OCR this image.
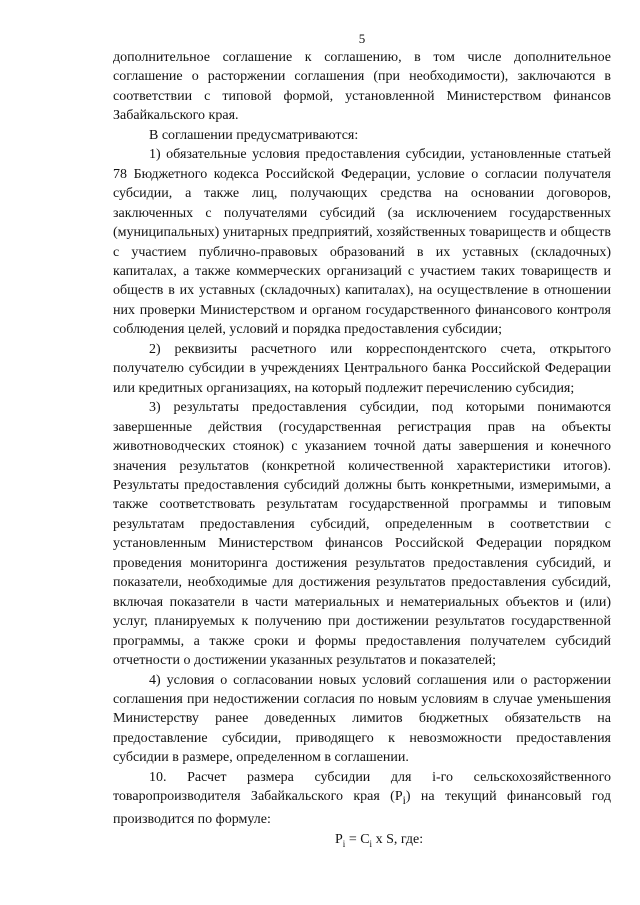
5

дополнительное соглашение к соглашению, в том числе дополнительное соглашение о расторжении соглашения (при необходимости), заключаются в соответствии с типовой формой, установленной Министерством финансов Забайкальского края.

В соглашении предусматриваются:

1) обязательные условия предоставления субсидии, установленные статьей 78 Бюджетного кодекса Российской Федерации, условие о согласии получателя субсидии, а также лиц, получающих средства на основании договоров, заключенных с получателями субсидий (за исключением государственных (муниципальных) унитарных предприятий, хозяйственных товариществ и обществ с участием публично-правовых образований в их уставных (складочных) капиталах, а также коммерческих организаций с участием таких товариществ и обществ в их уставных (складочных) капиталах), на осуществление в отношении них проверки Министерством и органом государственного финансового контроля соблюдения целей, условий и порядка предоставления субсидии;

2) реквизиты расчетного или корреспондентского счета, открытого получателю субсидии в учреждениях Центрального банка Российской Федерации или кредитных организациях, на который подлежит перечислению субсидия;

3) результаты предоставления субсидии, под которыми понимаются завершенные действия (государственная регистрация прав на объекты животноводческих стоянок) с указанием точной даты завершения и конечного значения результатов (конкретной количественной характеристики итогов). Результаты предоставления субсидий должны быть конкретными, измеримыми, а также соответствовать результатам государственной программы и типовым результатам предоставления субсидий, определенным в соответствии с установленным Министерством финансов Российской Федерации порядком проведения мониторинга достижения результатов предоставления субсидий, и показатели, необходимые для достижения результатов предоставления субсидий, включая показатели в части материальных и нематериальных объектов и (или) услуг, планируемых к получению при достижении результатов государственной программы, а также сроки и формы предоставления получателем субсидий отчетности о достижении указанных результатов и показателей;

4) условия о согласовании новых условий соглашения или о расторжении соглашения при недостижении согласия по новым условиям в случае уменьшения Министерству ранее доведенных лимитов бюджетных обязательств на предоставление субсидии, приводящего к невозможности предоставления субсидии в размере, определенном в соглашении.

10. Расчет размера субсидии для i-го сельскохозяйственного товаропроизводителя Забайкальского края $(P_i)$ на текущий финансовый год производится по формуле:

$P_i = C_i$ x S, где:
